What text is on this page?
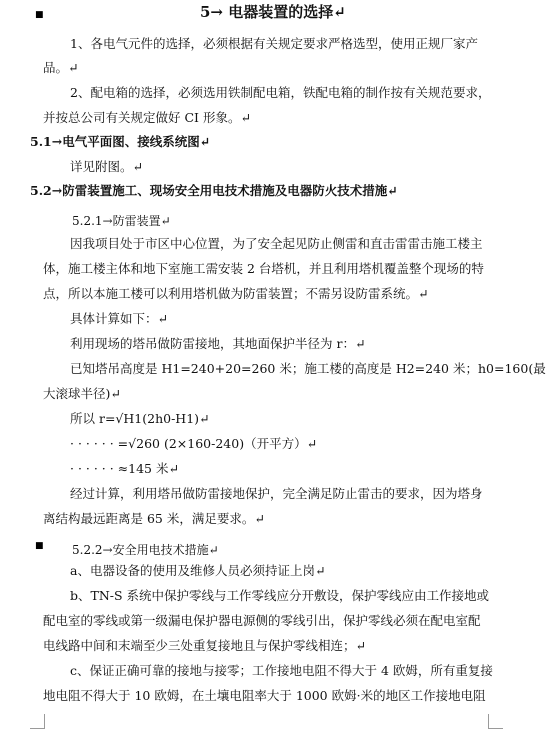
■	5→ 电器装置的选择↵
1、各电气元件的选择，必须根据有关规定要求严格选型，使用正规厂家产
品。↵
2、配电箱的选择，必须选用铁制配电箱，铁配电箱的制作按有关规范要求，
并按总公司有关规定做好 CI 形象。↵
5.1→电气平面图、接线系统图↵
详见附图。↵
5.2→防雷装置施工、现场安全用电技术措施及电器防火技术措施↵
5.2.1→防雷装置↵
因我项目处于市区中心位置，为了安全起见防止侧雷和直击雷雷击施工楼主
体，施工楼主体和地下室施工需安装 2 台塔机，并且利用塔机覆盖整个现场的特
点，所以本施工楼可以利用塔机做为防雷装置；不需另设防雷系统。↵
具体计算如下：↵
利用现场的塔吊做防雷接地，其地面保护半径为 r：↵
已知塔吊高度是 H1=240+20=260 米；施工楼的高度是 H2=240 米；h0=160(最
大滚球半径)↵
所以 r=√H1(2h0-H1)↵
· · · · · · =√260 (2×160-240)（开平方）↵
· · · · · · ≈145 米↵
经过计算，利用塔吊做防雷接地保护，完全满足防止雷击的要求，因为塔身
离结构最远距离是 65 米，满足要求。↵
■ 5.2.2→安全用电技术措施↵
a、电器设备的使用及维修人员必须持证上岗↵
b、TN-S 系统中保护零线与工作零线应分开敷设，保护零线应由工作接地或
配电室的零线或第一级漏电保护器电源侧的零线引出，保护零线必须在配电室配
电线路中间和末端至少三处重复接地且与保护零线相连；↵
c、保证正确可靠的接地与接零；工作接地电阻不得大于 4 欧姆，所有重复接
地电阻不得大于 10 欧姆，在土壤电阻率大于 1000 欧姆·米的地区工作接地电阻
